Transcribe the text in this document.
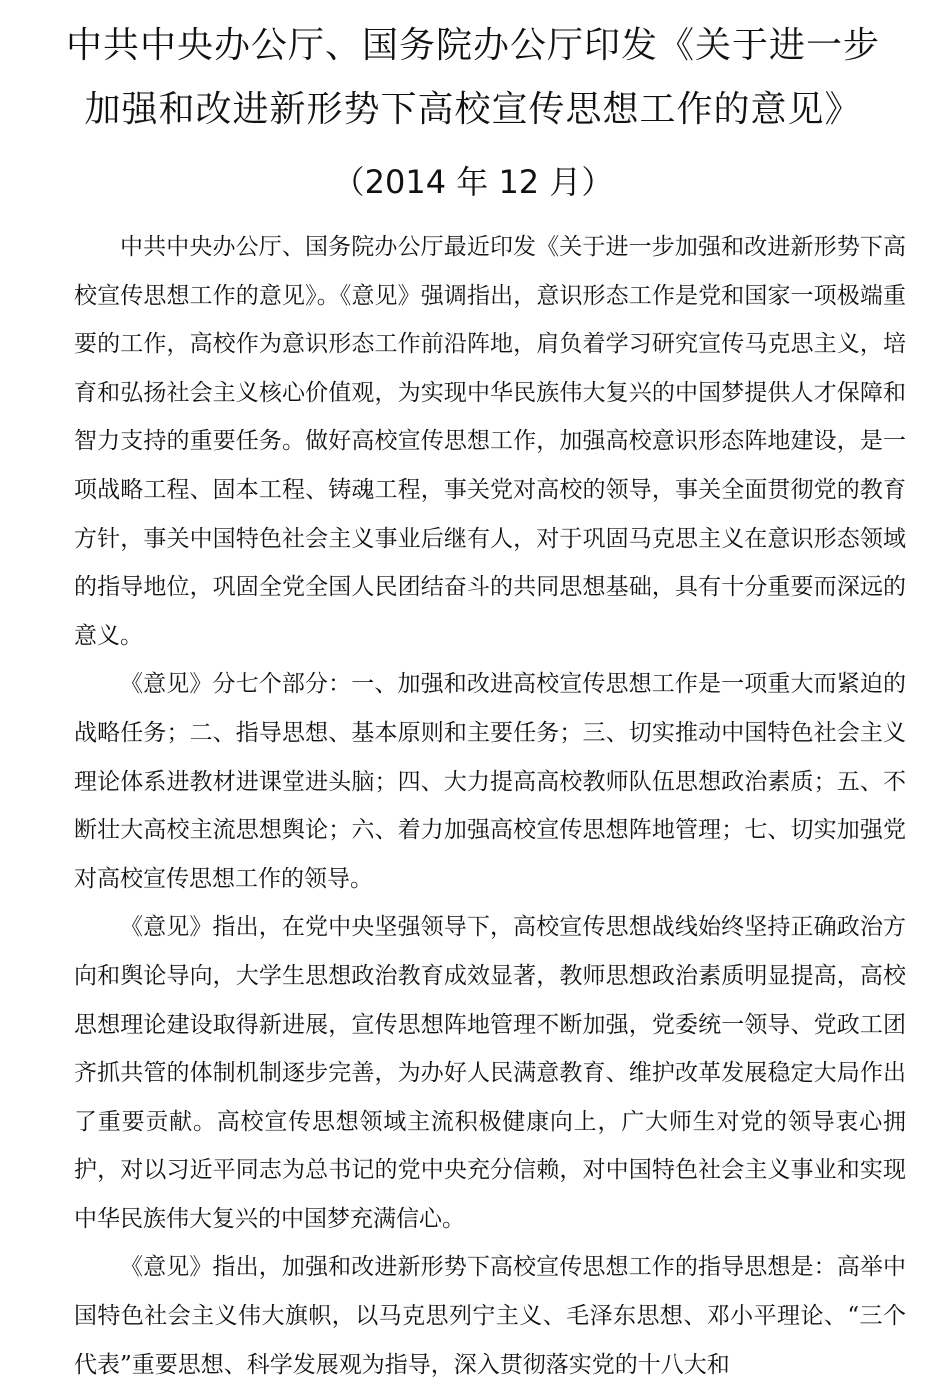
中共中央办公厅、国务院办公厅印发《关于进一步
加强和改进新形势下高校宣传思想工作的意见》
（2014 年 12 月）

中共中央办公厅、国务院办公厅最近印发《关于进一步加强和改进新形势下高校宣传思想工作的意见》。《意见》强调指出，意识形态工作是党和国家一项极端重要的工作，高校作为意识形态工作前沿阵地，肩负着学习研究宣传马克思主义，培育和弘扬社会主义核心价值观，为实现中华民族伟大复兴的中国梦提供人才保障和智力支持的重要任务。做好高校宣传思想工作，加强高校意识形态阵地建设，是一项战略工程、固本工程、铸魂工程，事关党对高校的领导，事关全面贯彻党的教育方针，事关中国特色社会主义事业后继有人，对于巩固马克思主义在意识形态领域的指导地位，巩固全党全国人民团结奋斗的共同思想基础，具有十分重要而深远的意义。

《意见》分七个部分：一、加强和改进高校宣传思想工作是一项重大而紧迫的战略任务；二、指导思想、基本原则和主要任务；三、切实推动中国特色社会主义理论体系进教材进课堂进头脑；四、大力提高高校教师队伍思想政治素质；五、不断壮大高校主流思想舆论；六、着力加强高校宣传思想阵地管理；七、切实加强党对高校宣传思想工作的领导。

《意见》指出，在党中央坚强领导下，高校宣传思想战线始终坚持正确政治方向和舆论导向，大学生思想政治教育成效显著，教师思想政治素质明显提高，高校思想理论建设取得新进展，宣传思想阵地管理不断加强，党委统一领导、党政工团齐抓共管的体制机制逐步完善，为办好人民满意教育、维护改革发展稳定大局作出了重要贡献。高校宣传思想领域主流积极健康向上，广大师生对党的领导衷心拥护，对以习近平同志为总书记的党中央充分信赖，对中国特色社会主义事业和实现中华民族伟大复兴的中国梦充满信心。

《意见》指出，加强和改进新形势下高校宣传思想工作的指导思想是：高举中国特色社会主义伟大旗帜，以马克思列宁主义、毛泽东思想、邓小平理论、“三个代表”重要思想、科学发展观为指导，深入贯彻落实党的十八大和
